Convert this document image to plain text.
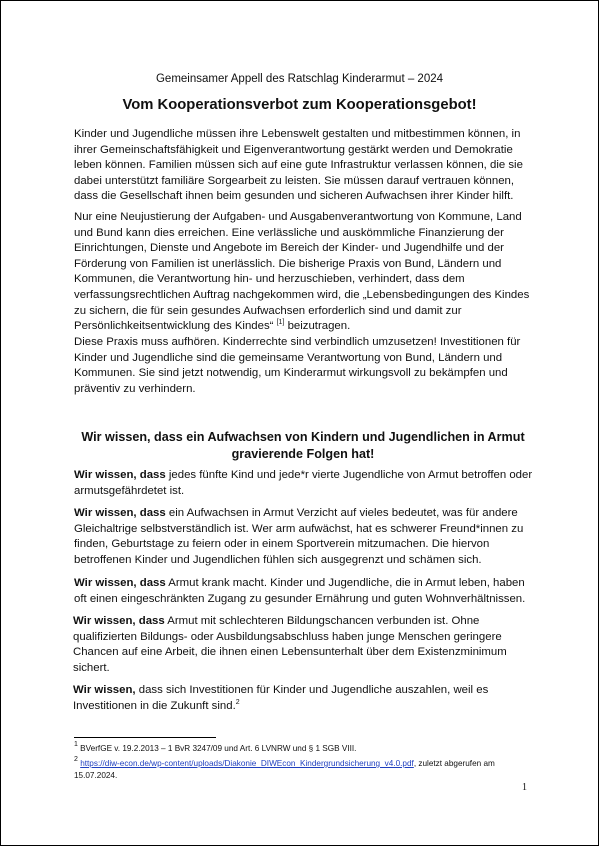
Gemeinsamer Appell des Ratschlag Kinderarmut – 2024
Vom Kooperationsverbot zum Kooperationsgebot!

Kinder und Jugendliche müssen ihre Lebenswelt gestalten und mitbestimmen können, in ihrer Gemeinschaftsfähigkeit und Eigenverantwortung gestärkt werden und Demokratie leben können. Familien müssen sich auf eine gute Infrastruktur verlassen können, die sie dabei unterstützt familiäre Sorgearbeit zu leisten. Sie müssen darauf vertrauen können, dass die Gesellschaft ihnen beim gesunden und sicheren Aufwachsen ihrer Kinder hilft.

Nur eine Neujustierung der Aufgaben- und Ausgabenverantwortung von Kommune, Land und Bund kann dies erreichen. Eine verlässliche und auskömmliche Finanzierung der Einrichtungen, Dienste und Angebote im Bereich der Kinder- und Jugendhilfe und der Förderung von Familien ist unerlässlich. Die bisherige Praxis von Bund, Ländern und Kommunen, die Verantwortung hin- und herzuschieben, verhindert, dass dem verfassungsrechtlichen Auftrag nachgekommen wird, die „Lebensbedingungen des Kindes zu sichern, die für sein gesundes Aufwachsen erforderlich sind und damit zur Persönlichkeitsentwicklung des Kindes“ [1] beizutragen.

Diese Praxis muss aufhören. Kinderrechte sind verbindlich umzusetzen! Investitionen für Kinder und Jugendliche sind die gemeinsame Verantwortung von Bund, Ländern und Kommunen. Sie sind jetzt notwendig, um Kinderarmut wirkungsvoll zu bekämpfen und präventiv zu verhindern.

Wir wissen, dass ein Aufwachsen von Kindern und Jugendlichen in Armut gravierende Folgen hat!

Wir wissen, dass jedes fünfte Kind und jede*r vierte Jugendliche von Armut betroffen oder armutsgefährdetet ist.

Wir wissen, dass ein Aufwachsen in Armut Verzicht auf vieles bedeutet, was für andere Gleichaltrige selbstverständlich ist. Wer arm aufwächst, hat es schwerer Freund*innen zu finden, Geburtstage zu feiern oder in einem Sportverein mitzumachen. Die hiervon betroffenen Kinder und Jugendlichen fühlen sich ausgegrenzt und schämen sich.

Wir wissen, dass Armut krank macht. Kinder und Jugendliche, die in Armut leben, haben oft einen eingeschränkten Zugang zu gesunder Ernährung und guten Wohnverhältnissen.

Wir wissen, dass Armut mit schlechteren Bildungschancen verbunden ist. Ohne qualifizierten Bildungs- oder Ausbildungsabschluss haben junge Menschen geringere Chancen auf eine Arbeit, die ihnen einen Lebensunterhalt über dem Existenzminimum sichert.

Wir wissen, dass sich Investitionen für Kinder und Jugendliche auszahlen, weil es Investitionen in die Zukunft sind.$^2$

$^1$ BVerfGE v. 19.2.2013 – 1 BvR 3247/09 und Art. 6 LVNRW und § 1 SGB VIII.
$^2$ https://diw-econ.de/wp-content/uploads/Diakonie_DIWEcon_Kindergrundsicherung_v4.0.pdf, zuletzt abgerufen am 15.07.2024.
1
